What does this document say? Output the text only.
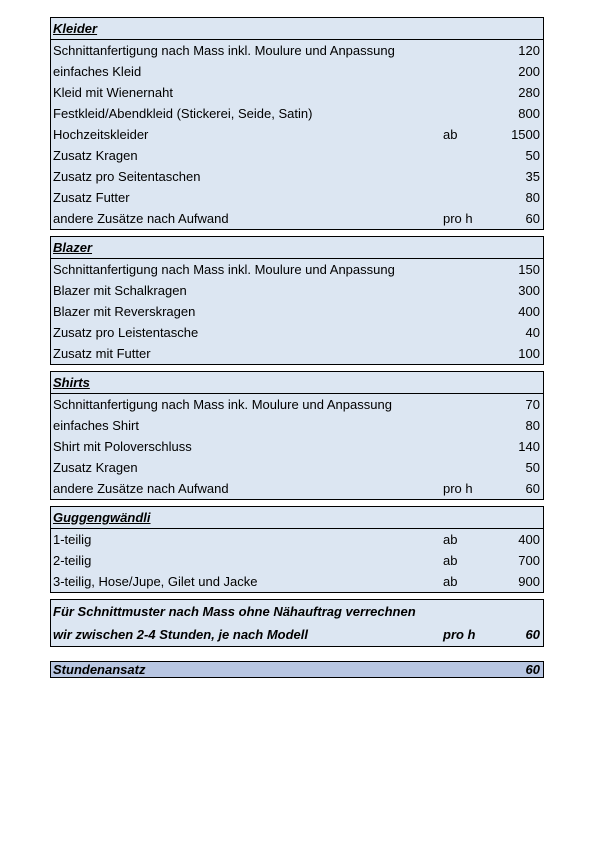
Kleider
Schnittanfertigung nach Mass inkl. Moulure und Anpassung	120
einfaches Kleid	200
Kleid mit Wienernaht	280
Festkleid/Abendkleid (Stickerei, Seide, Satin)	800
Hochzeitskleider	ab	1500
Zusatz Kragen	50
Zusatz pro Seitentaschen	35
Zusatz Futter	80
andere Zusätze nach Aufwand	pro h	60
Blazer
Schnittanfertigung nach Mass inkl. Moulure und Anpassung	150
Blazer mit Schalkragen	300
Blazer mit Reverskragen	400
Zusatz pro Leistentasche	40
Zusatz mit Futter	100
Shirts
Schnittanfertigung nach Mass ink. Moulure und Anpassung	70
einfaches Shirt	80
Shirt mit Poloverschluss	140
Zusatz Kragen	50
andere Zusätze nach Aufwand	pro h	60
Guggengwändli
1-teilig	ab	400
2-teilig	ab	700
3-teilig, Hose/Jupe, Gilet und Jacke	ab	900
Für Schnittmuster nach Mass ohne Nähauftrag verrechnen
wir zwischen 2-4 Stunden, je nach Modell	pro h	60
Stundenansatz	60
